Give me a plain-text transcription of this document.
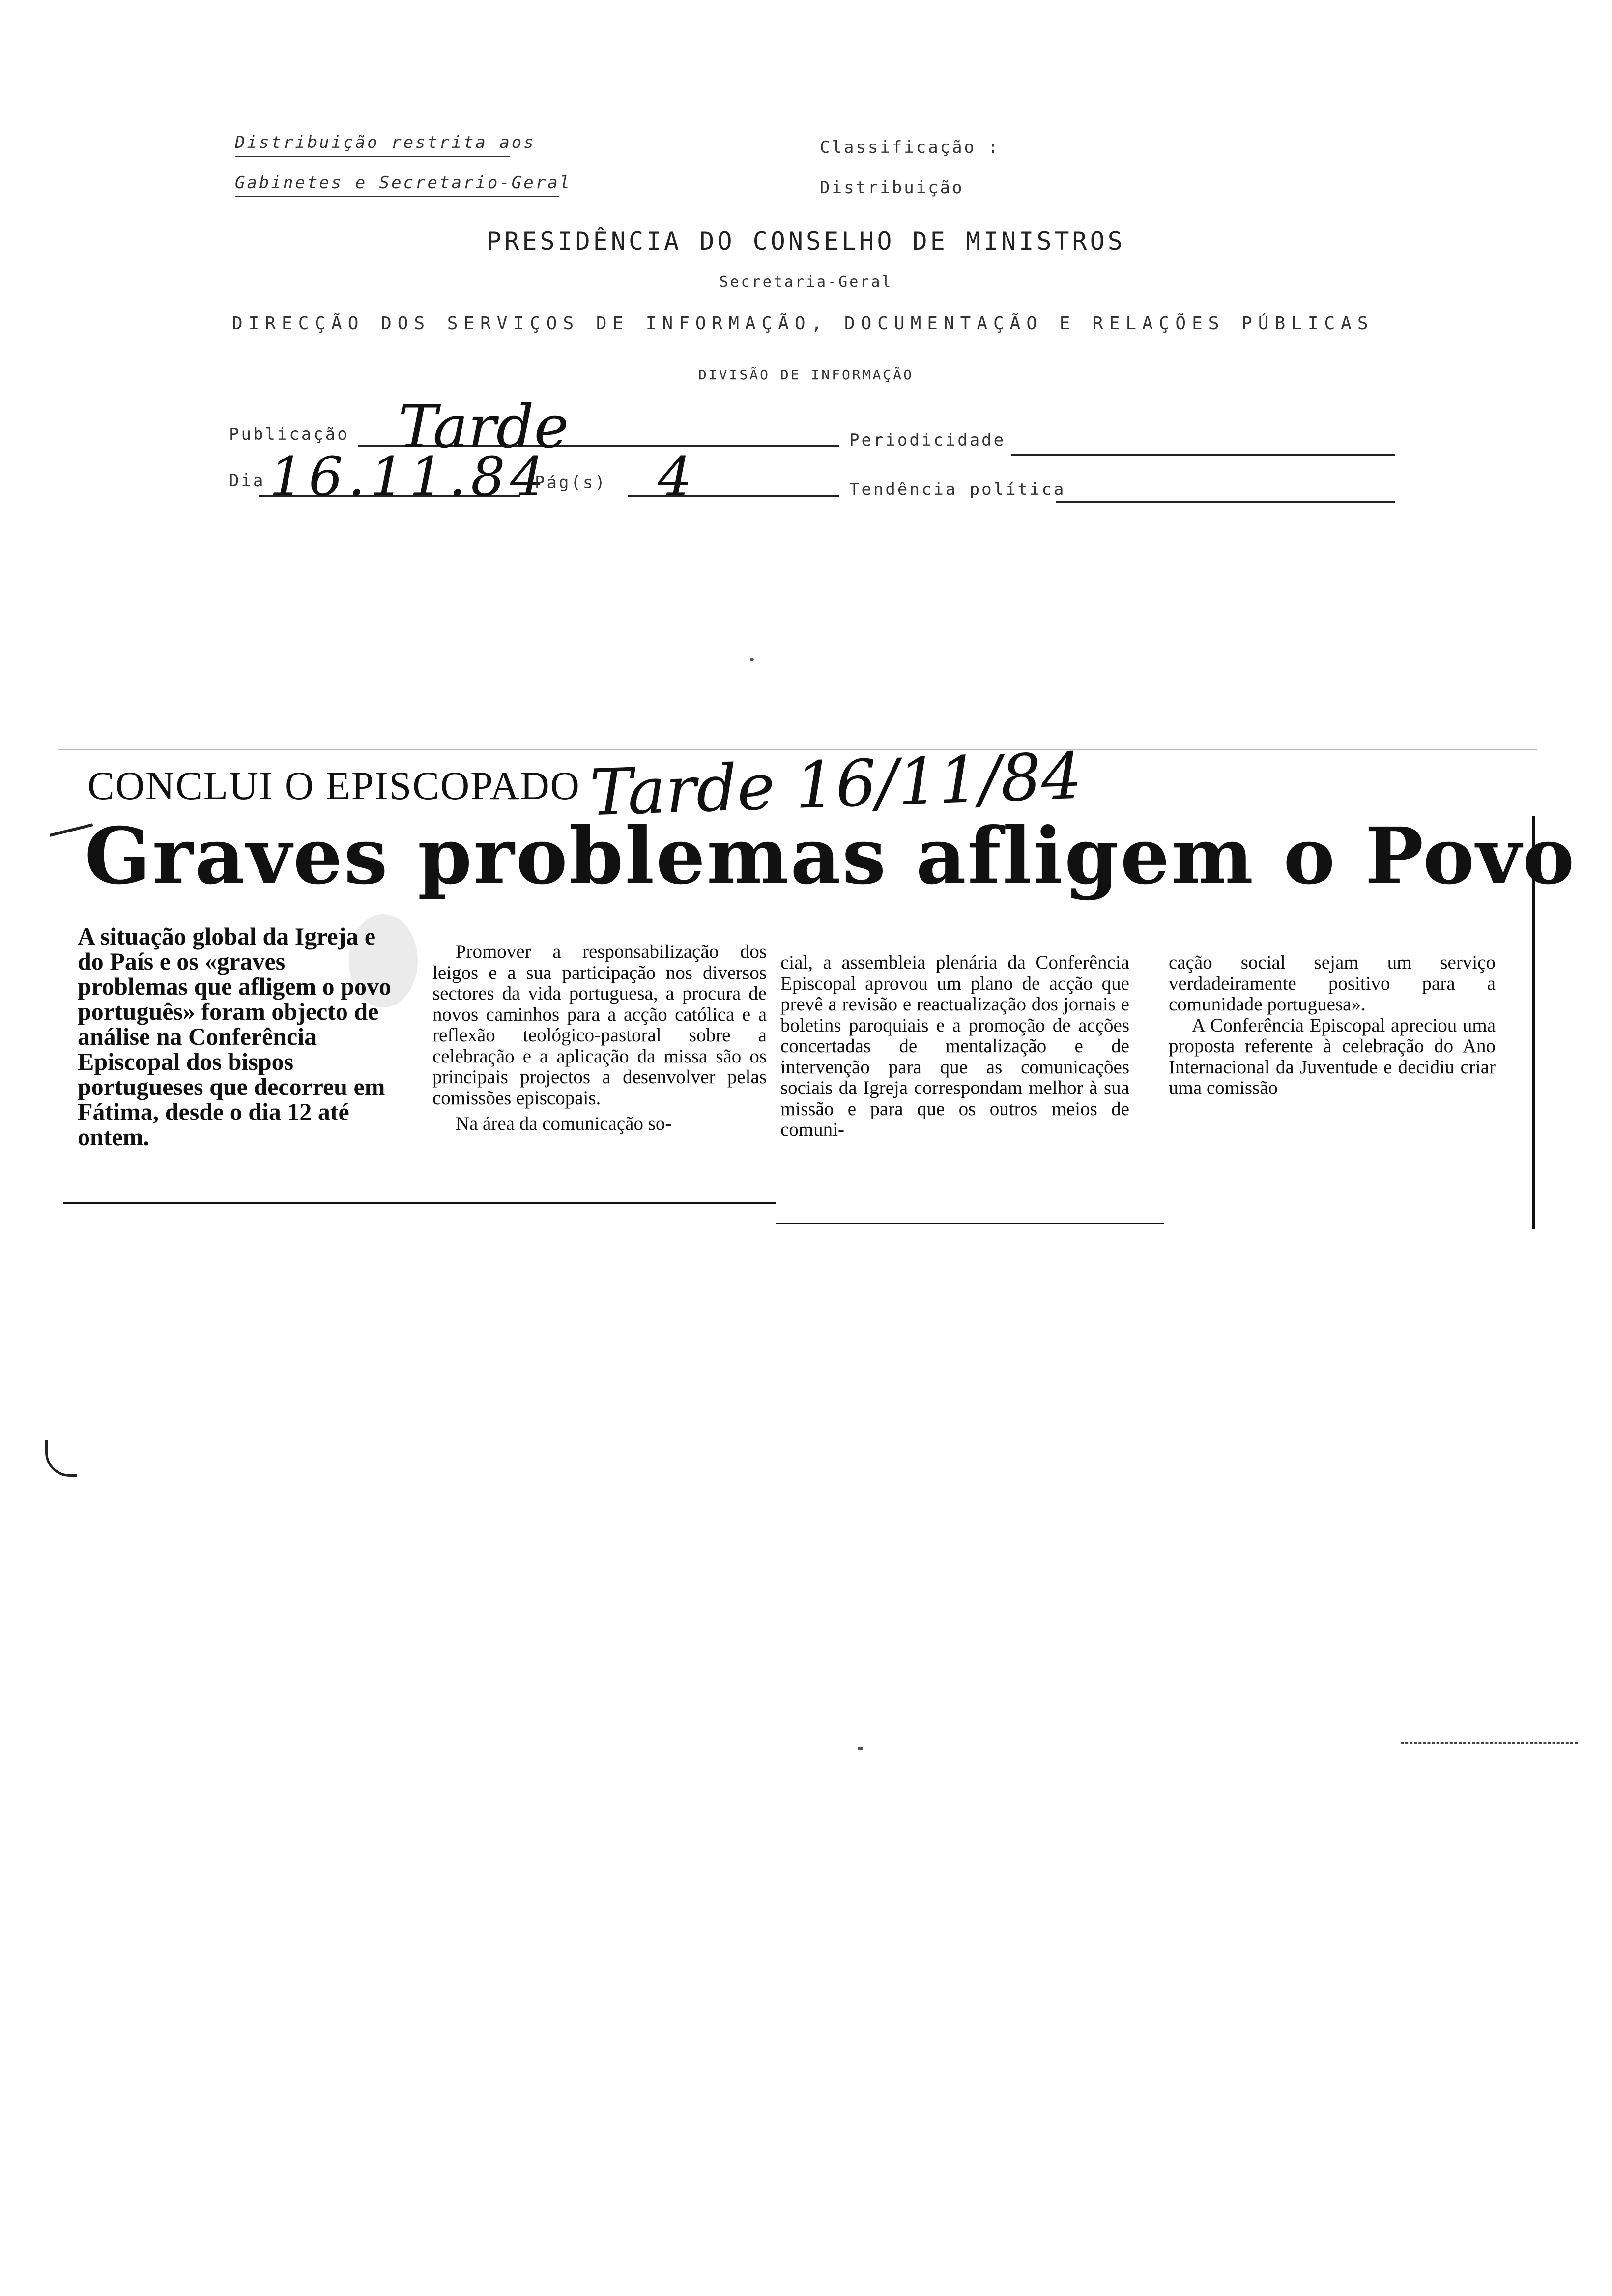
Distribuição restrita aos
Gabinetes e Secretario-Geral
Classificação :
Distribuição
PRESIDÊNCIA DO CONSELHO DE MINISTROS
Secretaria-Geral
DIRECÇÃO DOS SERVIÇOS DE INFORMAÇÃO, DOCUMENTAÇÃO E RELAÇÕES PÚBLICAS
DIVISÃO DE INFORMAÇÃO
Publicação Tarde	Periodicidade
Dia 16.11.84
Pág(s) 4	Tendência política
CONCLUI O EPISCOPADO Tarde 16/11/84
Graves problemas afligem o Povo
A situação global da Igreja e do País e os «graves problemas que afligem o povo português» foram objecto de análise na Conferência Episcopal dos bispos portugueses que decorreu em Fátima, desde o dia 12 até ontem.
Promover a responsabilização dos leigos e a sua participação nos diversos sectores da vida portuguesa, a procura de novos caminhos para a acção católica e a reflexão teológico-pastoral sobre a celebração e a aplicação da missa são os principais projectos a desenvolver pelas comissões episcopais.
Na área da comunicação so-
cial, a assembleia plenária da Conferência Episcopal aprovou um plano de acção que prevê a revisão e reactualização dos jornais e boletins paroquiais e a promoção de acções concertadas de mentalização e de intervenção para que as comunicações sociais da Igreja correspondam melhor à sua missão e para que os outros meios de comuni-
cação social sejam um serviço verdadeiramente positivo para a comunidade portuguesa».
A Conferência Episcopal apreciou uma proposta referente à celebração do Ano Internacional da Juventude e decidiu criar uma comissão
